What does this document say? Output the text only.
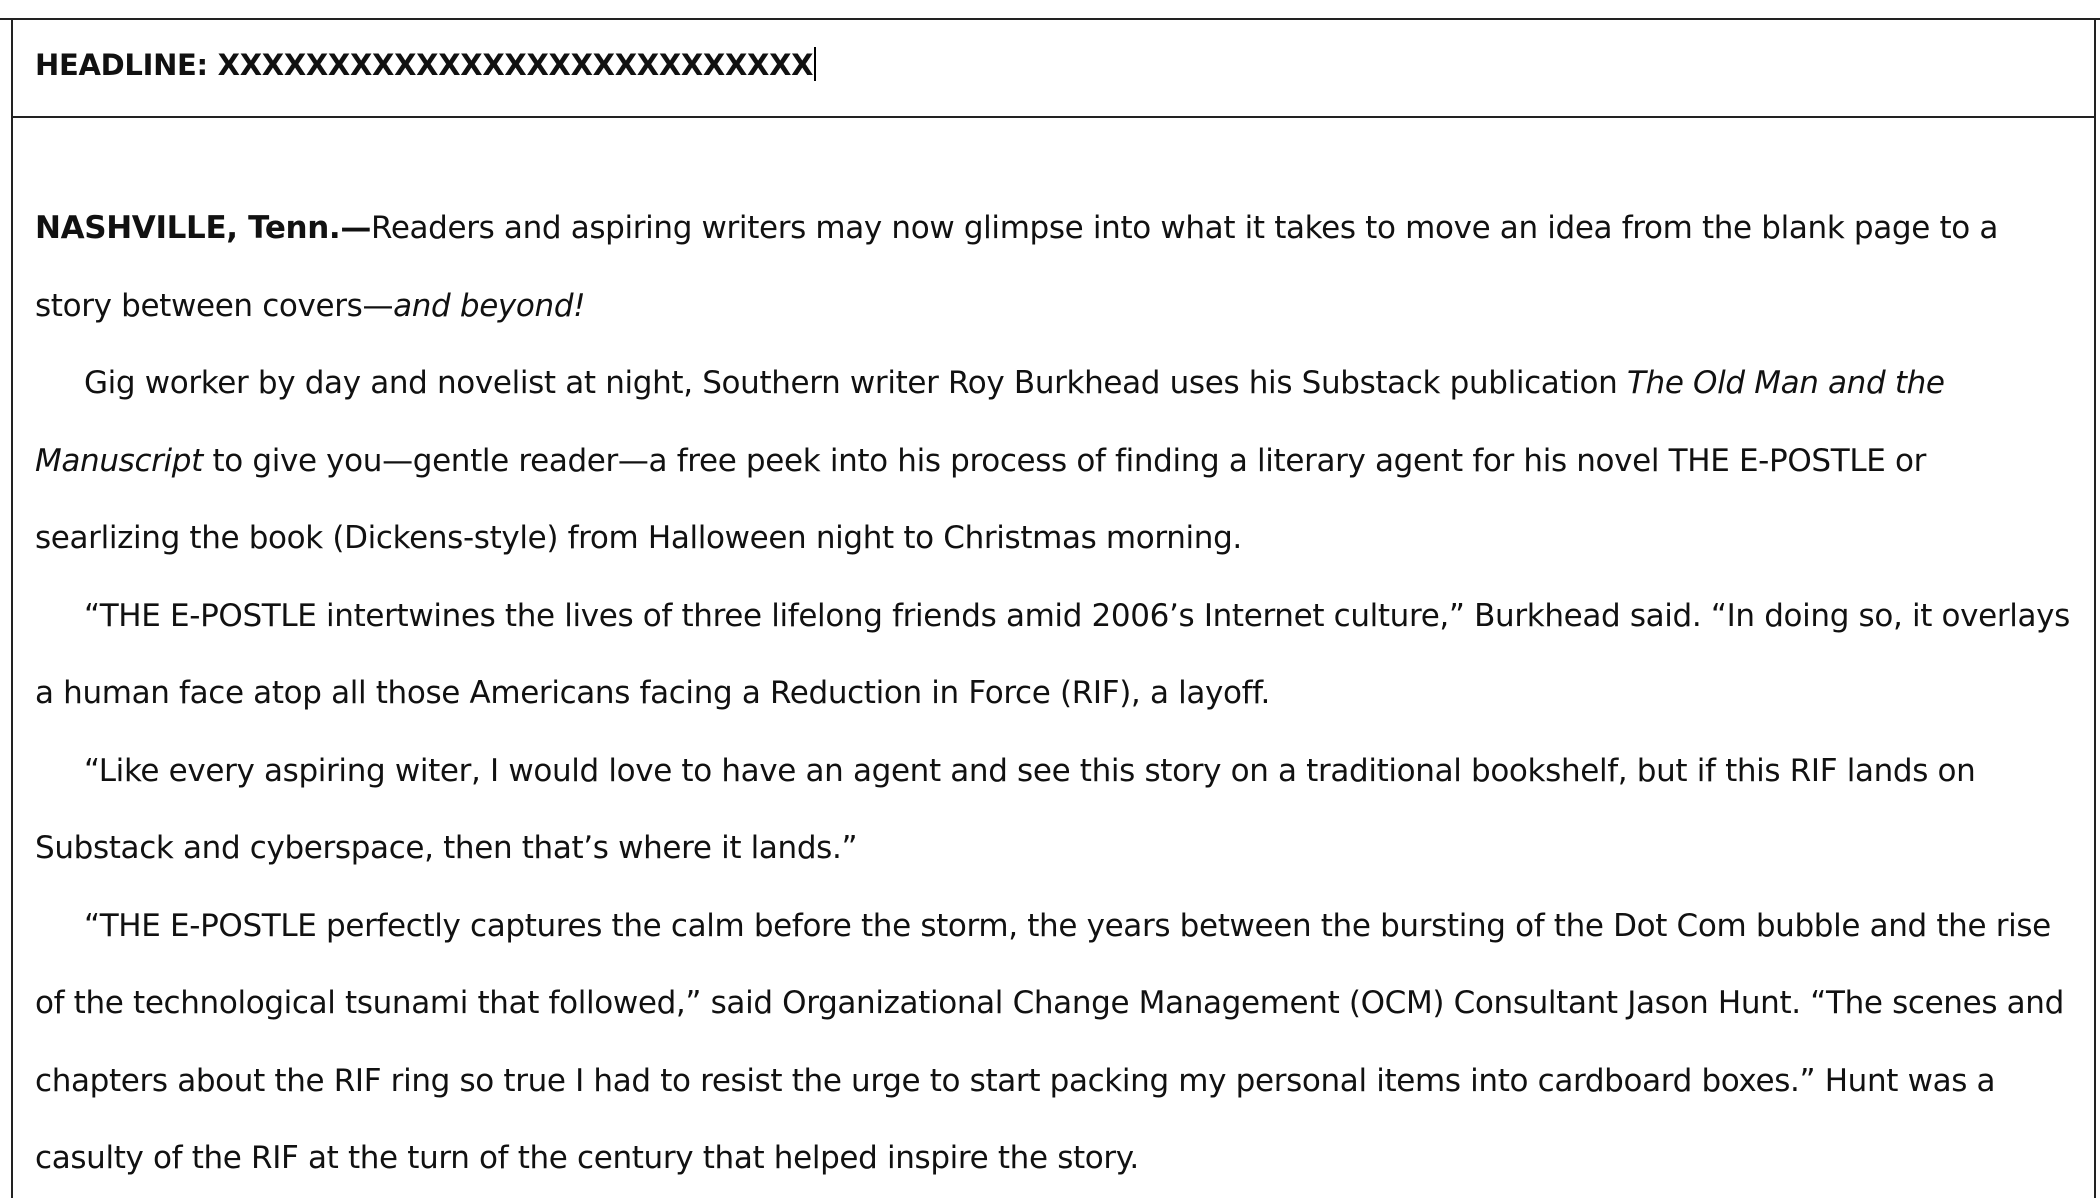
HEADLINE: XXXXXXXXXXXXXXXXXXXXXXXXXXX

NASHVILLE, Tenn.—Readers and aspiring writers may now glimpse into what it takes to move an idea from the blank page to a story between covers—and beyond!

Gig worker by day and novelist at night, Southern writer Roy Burkhead uses his Substack publication The Old Man and the Manuscript to give you—gentle reader—a free peek into his process of finding a literary agent for his novel THE E-POSTLE or searlizing the book (Dickens-style) from Halloween night to Christmas morning.

“THE E-POSTLE intertwines the lives of three lifelong friends amid 2006’s Internet culture,” Burkhead said. “In doing so, it overlays a human face atop all those Americans facing a Reduction in Force (RIF), a layoff.

“Like every aspiring witer, I would love to have an agent and see this story on a traditional bookshelf, but if this RIF lands on Substack and cyberspace, then that’s where it lands.”

“THE E-POSTLE perfectly captures the calm before the storm, the years between the bursting of the Dot Com bubble and the rise of the technological tsunami that followed,” said Organizational Change Management (OCM) Consultant Jason Hunt. “The scenes and chapters about the RIF ring so true I had to resist the urge to start packing my personal items into cardboard boxes.” Hunt was a casulty of the RIF at the turn of the century that helped inspire the story.
